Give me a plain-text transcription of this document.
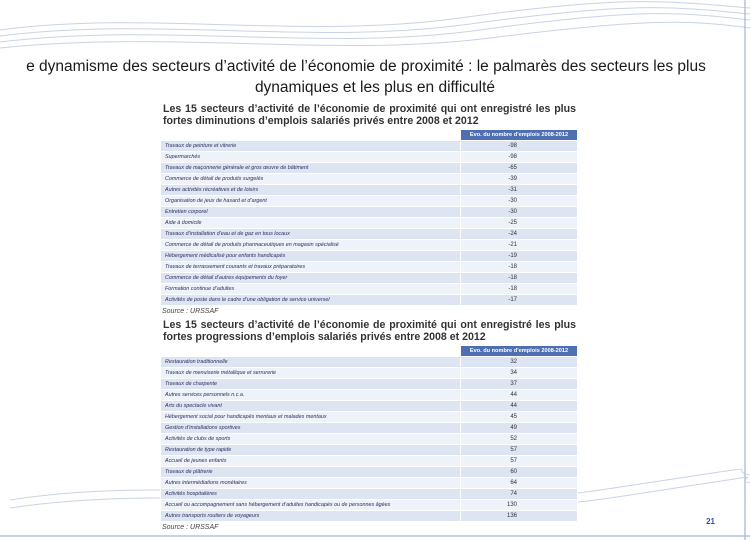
e dynamisme des secteurs d’activité de l’économie de proximité : le palmarès des secteurs les plus
dynamiques et les plus en difficulté
Les 15 secteurs d’activité de l’économie de proximité qui ont enregistré les plus fortes diminutions d’emplois salariés privés entre 2008 et 2012
	Evo. du nombre d’emplois 2008-2012
Travaux de peinture et vitrerie	-98
Supermarchés	-98
Travaux de maçonnerie générale et gros œuvre de bâtiment	-65
Commerce de détail de produits surgelés	-39
Autres activités récréatives et de loisirs	-31
Organisation de jeux de hasard et d’argent	-30
Entretien corporel	-30
Aide à domicile	-25
Travaux d’installation d’eau et de gaz en tous locaux	-24
Commerce de détail de produits pharmaceutiques en magasin spécialisé	-21
Hébergement médicalisé pour enfants handicapés	-19
Travaux de terrassement courants et travaux préparatoires	-18
Commerce de détail d’autres équipements du foyer	-18
Formation continue d’adultes	-18
Activités de poste dans le cadre d’une obligation de service universel	-17
Source : URSSAF
Les 15 secteurs d’activité de l’économie de proximité qui ont enregistré les plus fortes progressions d’emplois salariés privés entre 2008 et 2012
	Evo. du nombre d’emplois 2008-2012
Restauration traditionnelle	32
Travaux de menuiserie métallique et serrurerie	34
Travaux de charpente	37
Autres services personnels n.c.a.	44
Arts du spectacle vivant	44
Hébergement social pour handicapés mentaux et malades mentaux	45
Gestion d’installations sportives	49
Activités de clubs de sports	52
Restauration de type rapide	57
Accueil de jeunes enfants	57
Travaux de plâtrerie	60
Autres intermédiations monétaires	64
Activités hospitalières	74
Accueil ou accompagnement sans hébergement d’adultes handicapés ou de personnes âgées	130
Autres transports routiers de voyageurs	136
Source : URSSAF
21
